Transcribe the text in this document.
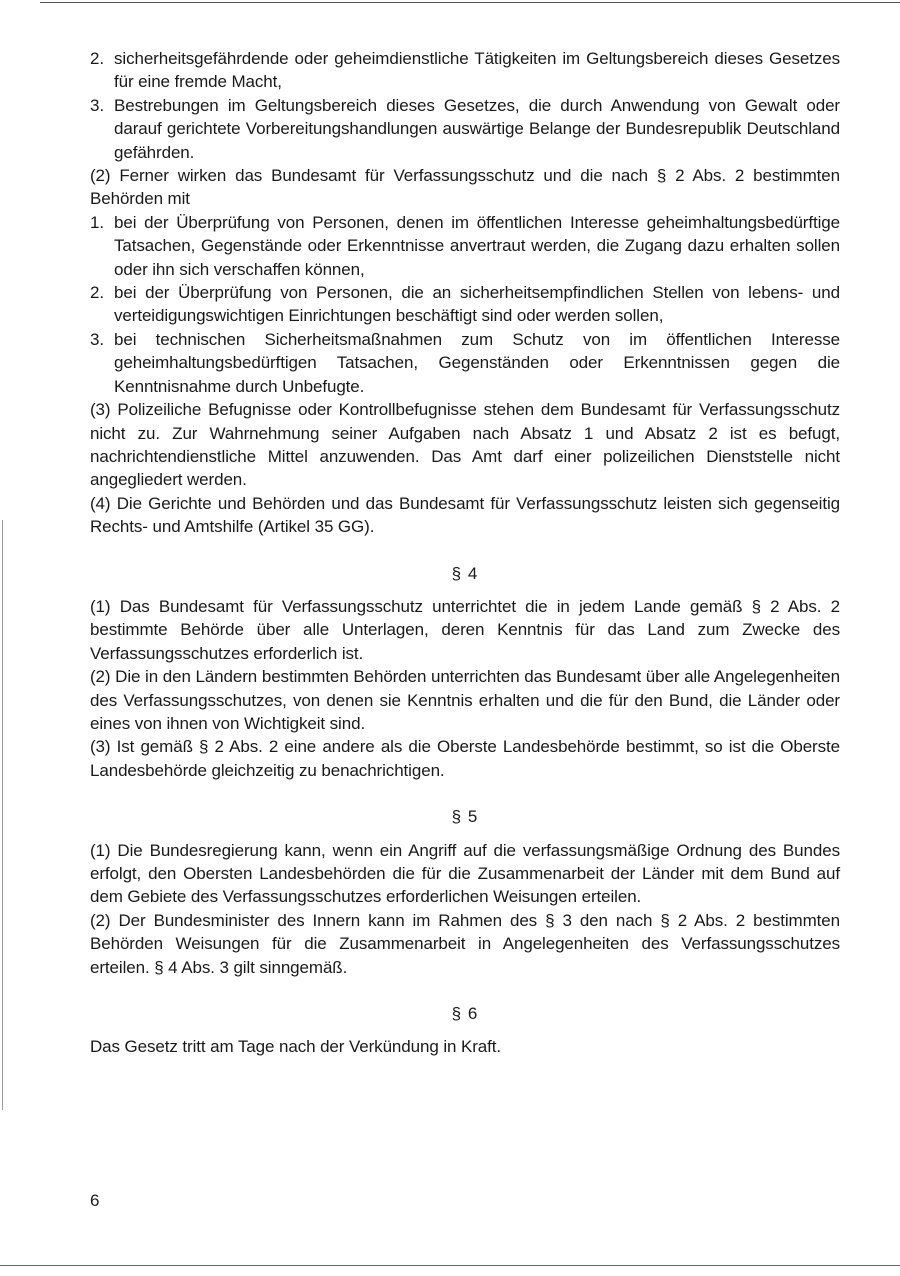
2. sicherheitsgefährdende oder geheimdienstliche Tätigkeiten im Geltungsbereich dieses Gesetzes für eine fremde Macht,
3. Bestrebungen im Geltungsbereich dieses Gesetzes, die durch Anwendung von Gewalt oder darauf gerichtete Vorbereitungshandlungen auswärtige Belange der Bundesrepublik Deutschland gefährden.

(2) Ferner wirken das Bundesamt für Verfassungsschutz und die nach § 2 Abs. 2 bestimmten Behörden mit

1. bei der Überprüfung von Personen, denen im öffentlichen Interesse geheimhaltungsbedürftige Tatsachen, Gegenstände oder Erkenntnisse anvertraut werden, die Zugang dazu erhalten sollen oder ihn sich verschaffen können,
2. bei der Überprüfung von Personen, die an sicherheitsempfindlichen Stellen von lebens- und verteidigungswichtigen Einrichtungen beschäftigt sind oder werden sollen,
3. bei technischen Sicherheitsmaßnahmen zum Schutz von im öffentlichen Interesse geheimhaltungsbedürftigen Tatsachen, Gegenständen oder Erkenntnissen gegen die Kenntnisnahme durch Unbefugte.

(3) Polizeiliche Befugnisse oder Kontrollbefugnisse stehen dem Bundesamt für Verfassungsschutz nicht zu. Zur Wahrnehmung seiner Aufgaben nach Absatz 1 und Absatz 2 ist es befugt, nachrichtendienstliche Mittel anzuwenden. Das Amt darf einer polizeilichen Dienststelle nicht angegliedert werden.

(4) Die Gerichte und Behörden und das Bundesamt für Verfassungsschutz leisten sich gegenseitig Rechts- und Amtshilfe (Artikel 35 GG).

§ 4

(1) Das Bundesamt für Verfassungsschutz unterrichtet die in jedem Lande gemäß § 2 Abs. 2 bestimmte Behörde über alle Unterlagen, deren Kenntnis für das Land zum Zwecke des Verfassungsschutzes erforderlich ist.

(2) Die in den Ländern bestimmten Behörden unterrichten das Bundesamt über alle Angelegenheiten des Verfassungsschutzes, von denen sie Kenntnis erhalten und die für den Bund, die Länder oder eines von ihnen von Wichtigkeit sind.

(3) Ist gemäß § 2 Abs. 2 eine andere als die Oberste Landesbehörde bestimmt, so ist die Oberste Landesbehörde gleichzeitig zu benachrichtigen.

§ 5

(1) Die Bundesregierung kann, wenn ein Angriff auf die verfassungsmäßige Ordnung des Bundes erfolgt, den Obersten Landesbehörden die für die Zusammenarbeit der Länder mit dem Bund auf dem Gebiete des Verfassungsschutzes erforderlichen Weisungen erteilen.

(2) Der Bundesminister des Innern kann im Rahmen des § 3 den nach § 2 Abs. 2 bestimmten Behörden Weisungen für die Zusammenarbeit in Angelegenheiten des Verfassungsschutzes erteilen. § 4 Abs. 3 gilt sinngemäß.

§ 6

Das Gesetz tritt am Tage nach der Verkündung in Kraft.

6
